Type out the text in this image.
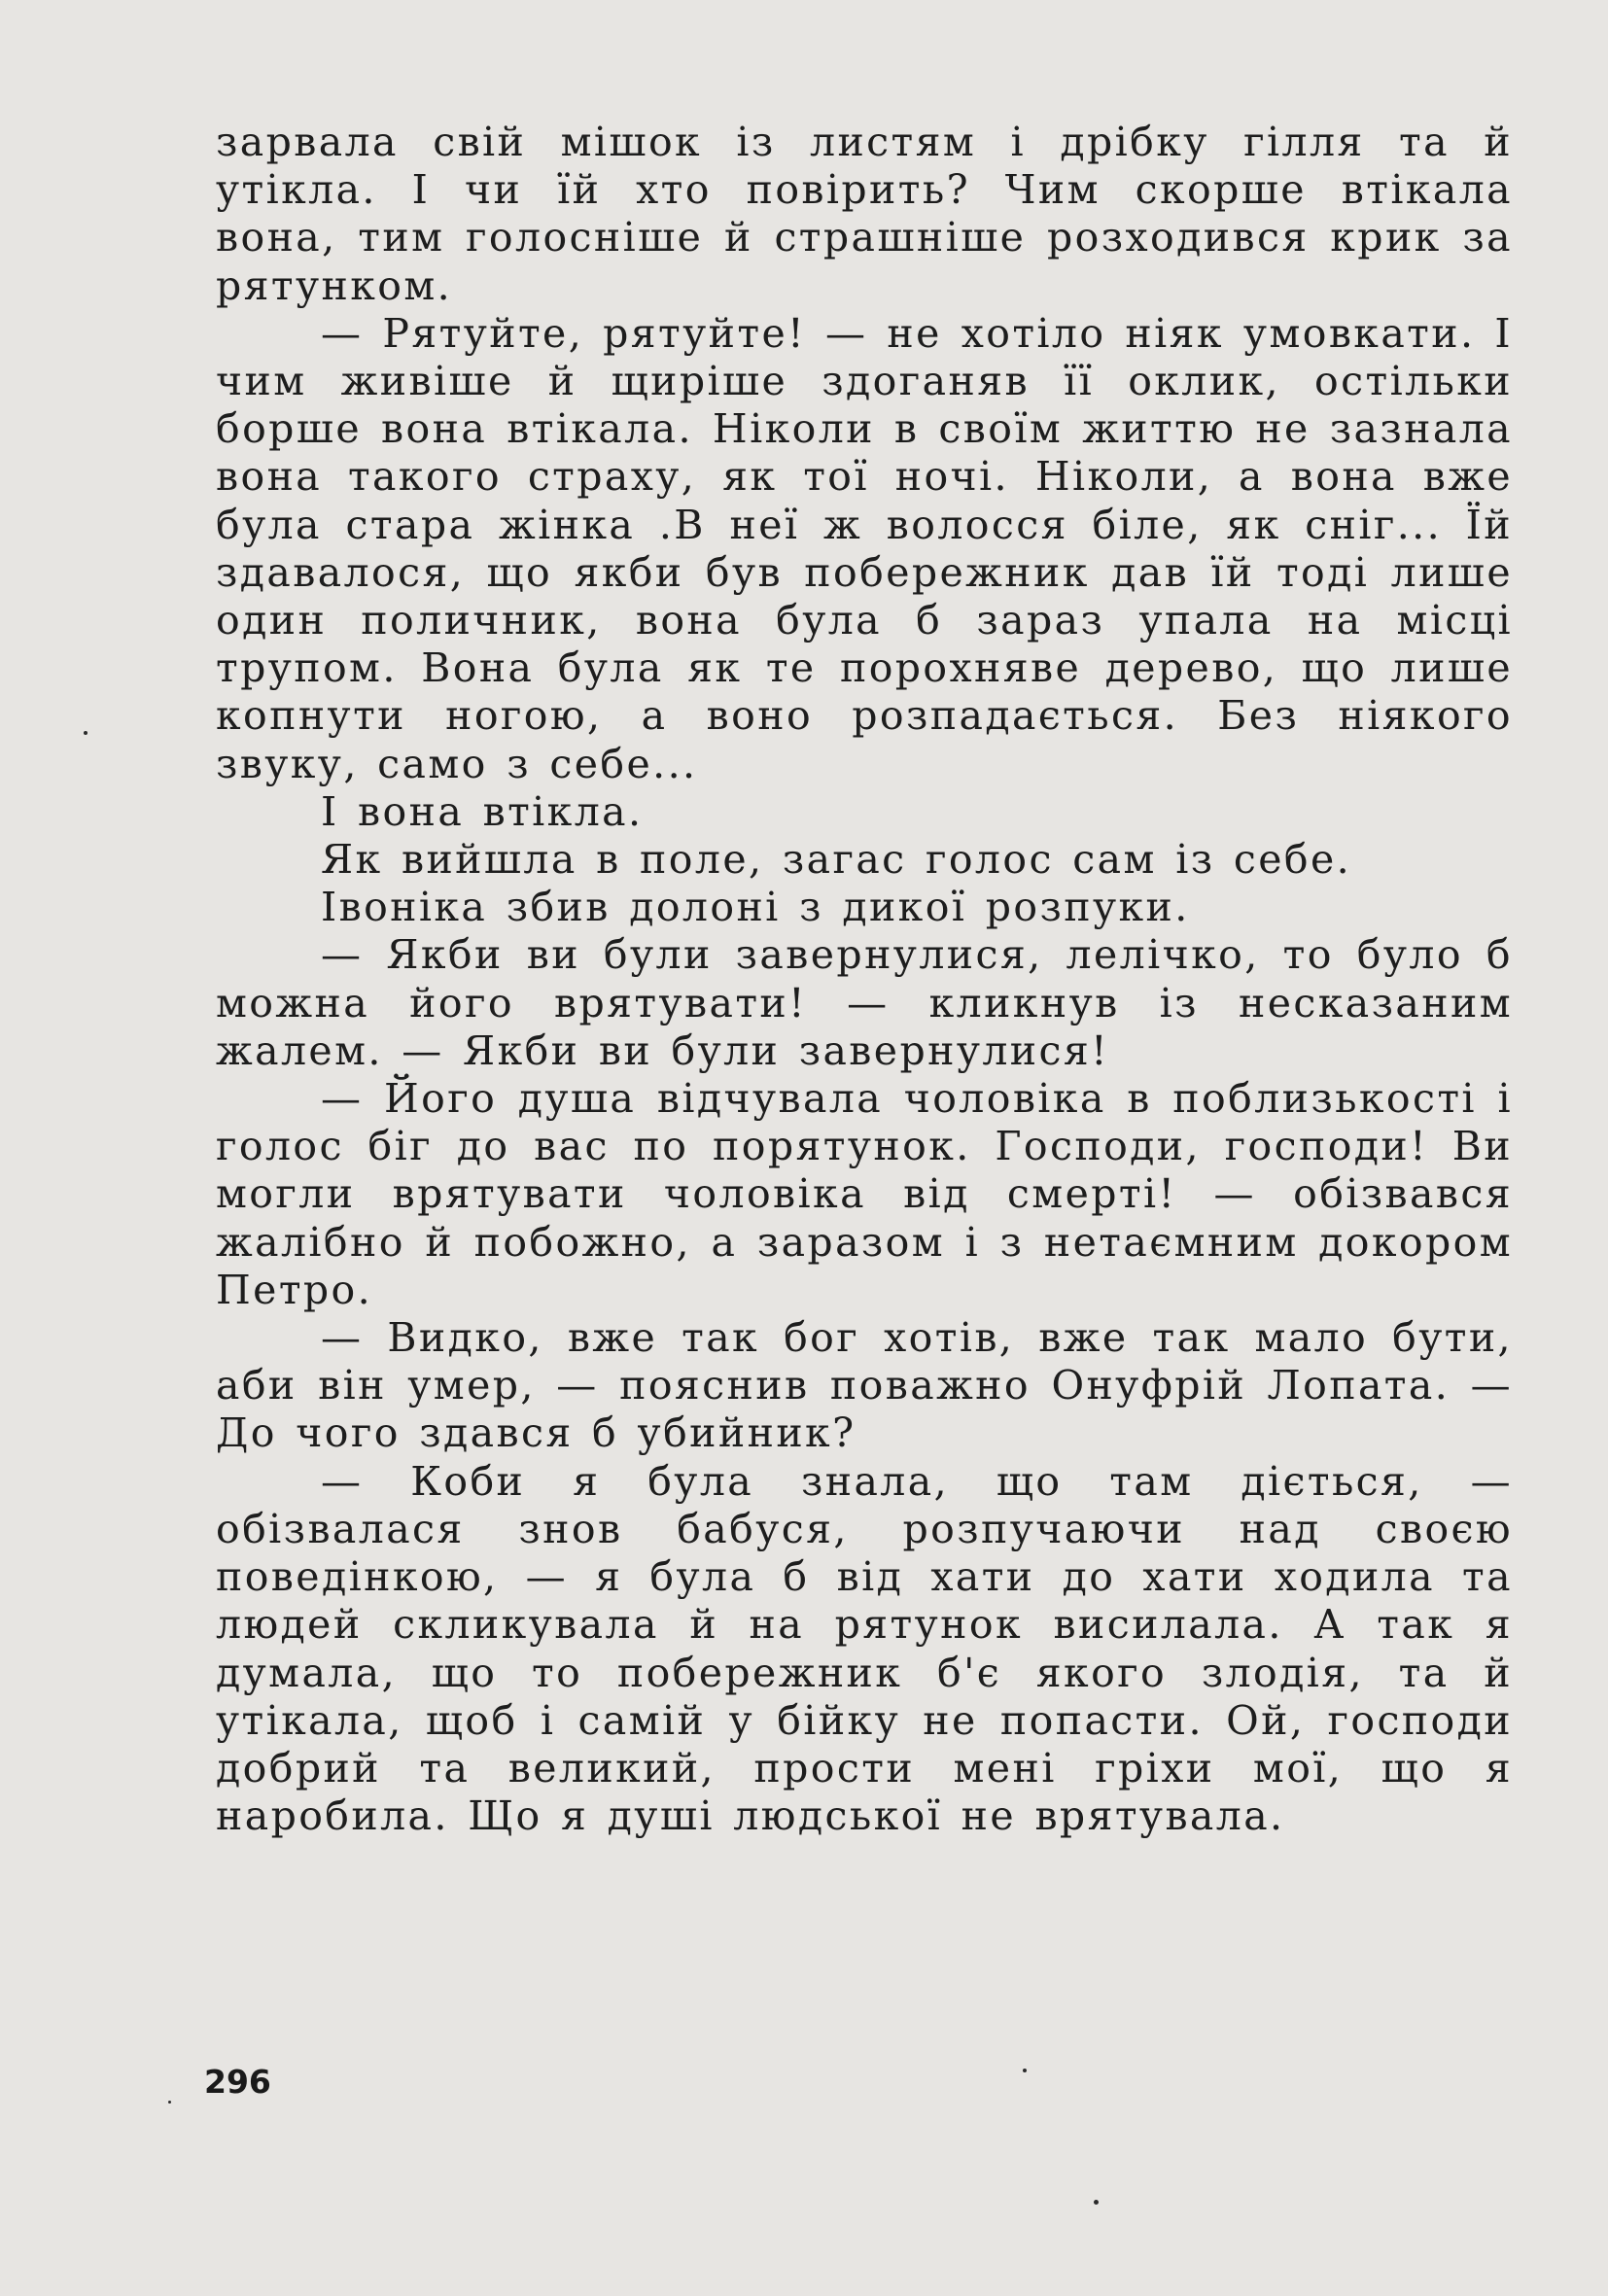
зарвала свій мішок із листям і дрібку гілля та й утікла. І чи їй хто повірить? Чим скорше втікала вона, тим голосніше й страшніше розходився крик за рятунком.

— Рятуйте, рятуйте! — не хотіло ніяк умовкати. І чим живіше й щиріше здоганяв її оклик, остільки борше вона втікала. Ніколи в своїм життю не зазнала вона такого страху, як тої ночі. Ніколи, а вона вже була стара жінка .В неї ж волосся біле, як сніг... Їй здавалося, що якби був побережник дав їй тоді лише один поличник, вона була б зараз упала на місці трупом. Вона була як те порохняве дерево, що лише копнути ногою, а воно розпадається. Без ніякого звуку, само з себе...

І вона втікла.

Як вийшла в поле, загас голос сам із себе.

Івоніка збив долоні з дикої розпуки.

— Якби ви були завернулися, лелічко, то було б можна його врятувати! — кликнув із несказаним жалем. — Якби ви були завернулися!

— Його душа відчувала чоловіка в поблизькості і голос біг до вас по порятунок. Господи, господи! Ви могли врятувати чоловіка від смерті! — обізвався жалібно й побожно, а заразом і з нетаємним докором Петро.

— Видко, вже так бог хотів, вже так мало бути, аби він умер, — пояснив поважно Онуфрій Лопата. — До чого здався б убийник?

— Коби я була знала, що там діється, — обізвалася знов бабуся, розпучаючи над своєю поведінкою, — я була б від хати до хати ходила та людей скликувала й на рятунок висилала. А так я думала, що то побережник б'є якого злодія, та й утікала, щоб і самій у бійку не попасти. Ой, господи добрий та великий, прости мені гріхи мої, що я наробила. Що я душі людської не врятувала.

296
